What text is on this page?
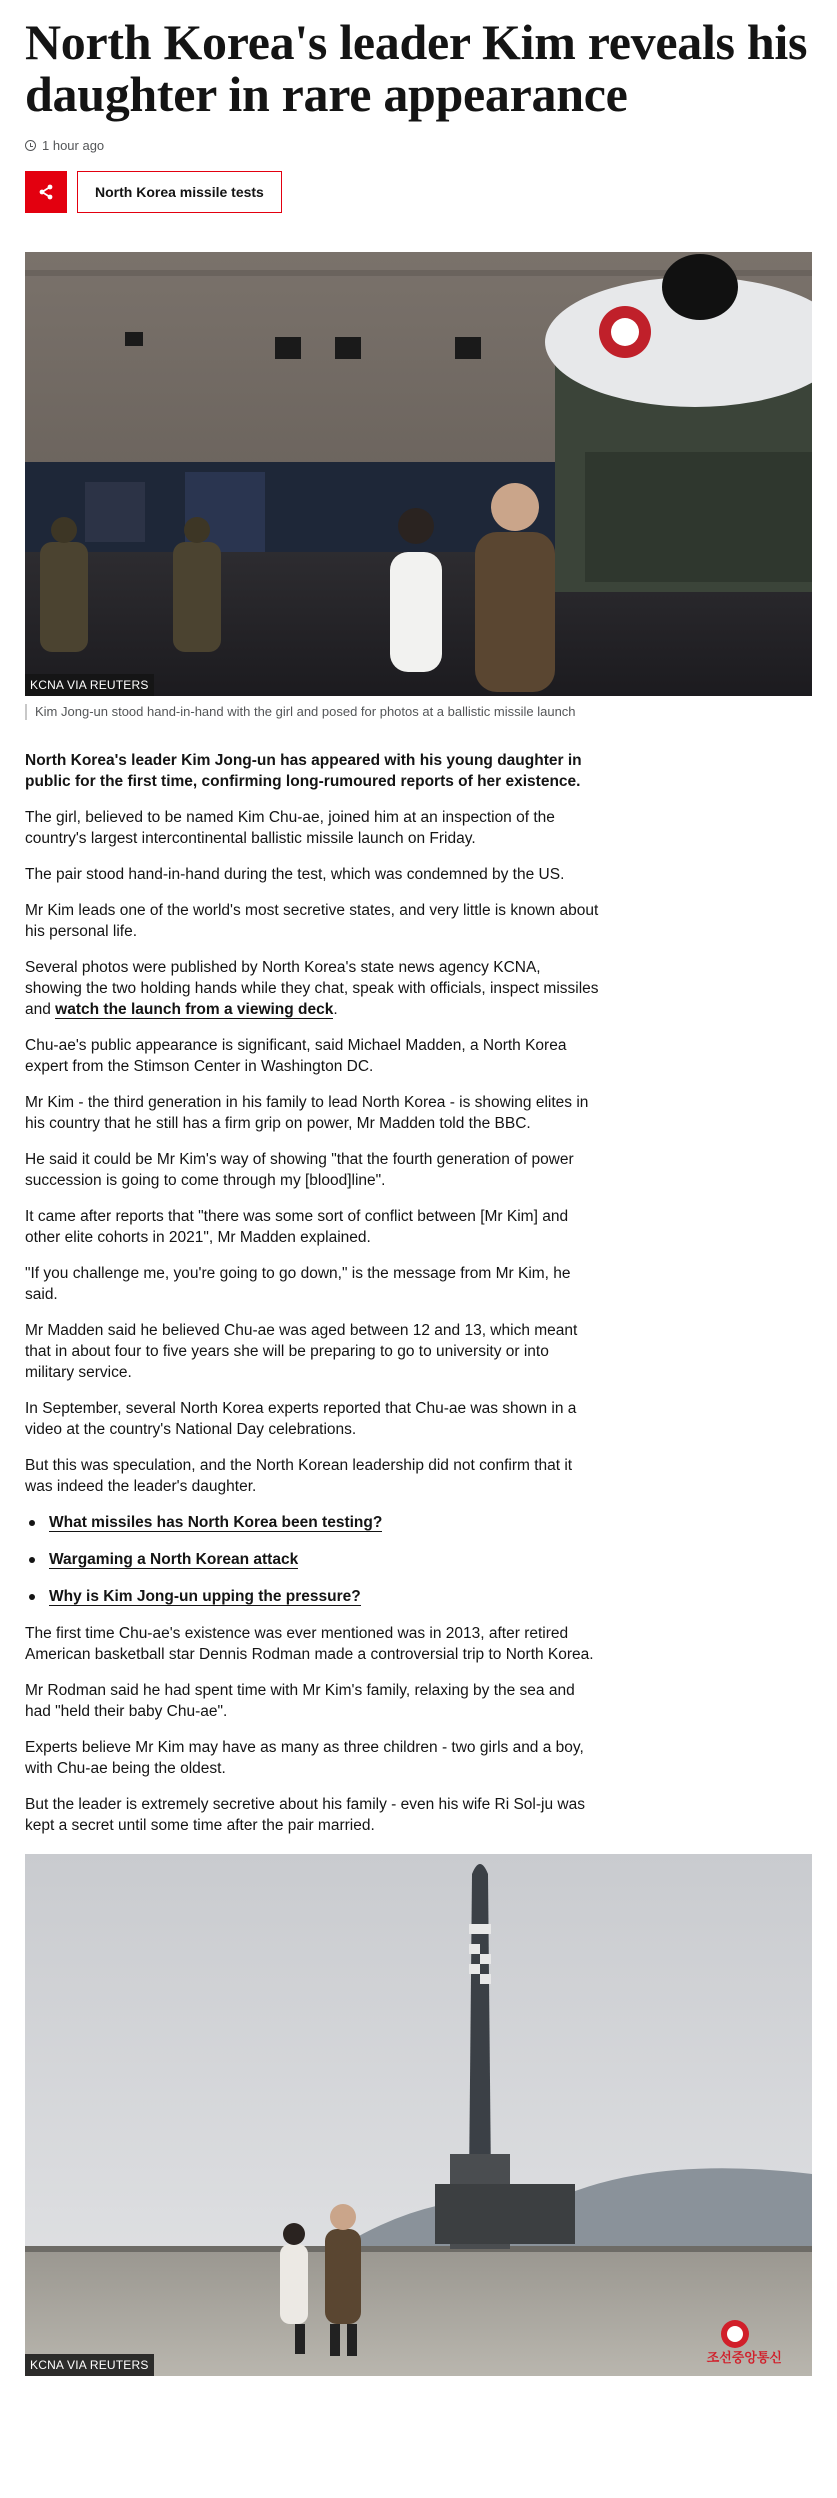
North Korea's leader Kim reveals his daughter in rare appearance
1 hour ago
North Korea missile tests
KCNA VIA REUTERS
Kim Jong-un stood hand-in-hand with the girl and posed for photos at a ballistic missile launch

North Korea's leader Kim Jong-un has appeared with his young daughter in public for the first time, confirming long-rumoured reports of her existence.

The girl, believed to be named Kim Chu-ae, joined him at an inspection of the country's largest intercontinental ballistic missile launch on Friday.

The pair stood hand-in-hand during the test, which was condemned by the US.

Mr Kim leads one of the world's most secretive states, and very little is known about his personal life.

Several photos were published by North Korea's state news agency KCNA, showing the two holding hands while they chat, speak with officials, inspect missiles and watch the launch from a viewing deck.

Chu-ae's public appearance is significant, said Michael Madden, a North Korea expert from the Stimson Center in Washington DC.

Mr Kim - the third generation in his family to lead North Korea - is showing elites in his country that he still has a firm grip on power, Mr Madden told the BBC.

He said it could be Mr Kim's way of showing "that the fourth generation of power succession is going to come through my [blood]line".

It came after reports that "there was some sort of conflict between [Mr Kim] and other elite cohorts in 2021", Mr Madden explained.

"If you challenge me, you're going to go down," is the message from Mr Kim, he said.

Mr Madden said he believed Chu-ae was aged between 12 and 13, which meant that in about four to five years she will be preparing to go to university or into military service.

In September, several North Korea experts reported that Chu-ae was shown in a video at the country's National Day celebrations.

But this was speculation, and the North Korean leadership did not confirm that it was indeed the leader's daughter.

What missiles has North Korea been testing?
Wargaming a North Korean attack
Why is Kim Jong-un upping the pressure?

The first time Chu-ae's existence was ever mentioned was in 2013, after retired American basketball star Dennis Rodman made a controversial trip to North Korea.

Mr Rodman said he had spent time with Mr Kim's family, relaxing by the sea and had "held their baby Chu-ae".

Experts believe Mr Kim may have as many as three children - two girls and a boy, with Chu-ae being the oldest.

But the leader is extremely secretive about his family - even his wife Ri Sol-ju was kept a secret until some time after the pair married.

KCNA VIA REUTERS	조선중앙통신
